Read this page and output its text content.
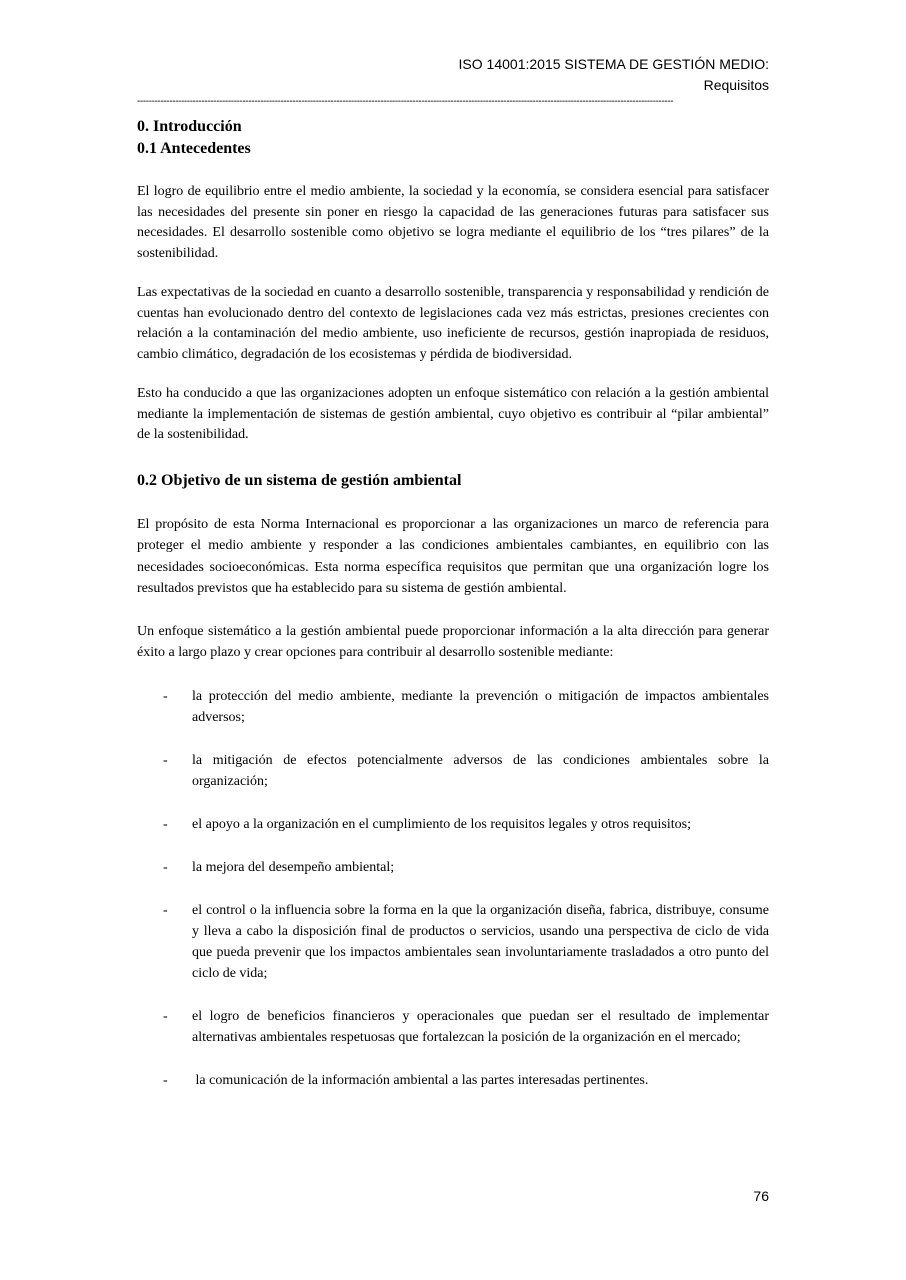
ISO 14001:2015 SISTEMA DE GESTIÓN MEDIO:
Requisitos
---------------------------------------------------------------------------------------------------------------------------------------------------------------------------------------
0. Introducción
0.1 Antecedentes

El logro de equilibrio entre el medio ambiente, la sociedad y la economía, se considera esencial para satisfacer las necesidades del presente sin poner en riesgo la capacidad de las generaciones futuras para satisfacer sus necesidades. El desarrollo sostenible como objetivo se logra mediante el equilibrio de los “tres pilares” de la sostenibilidad.

Las expectativas de la sociedad en cuanto a desarrollo sostenible, transparencia y responsabilidad y rendición de cuentas han evolucionado dentro del contexto de legislaciones cada vez más estrictas, presiones crecientes con relación a la contaminación del medio ambiente, uso ineficiente de recursos, gestión inapropiada de residuos, cambio climático, degradación de los ecosistemas y pérdida de biodiversidad.

Esto ha conducido a que las organizaciones adopten un enfoque sistemático con relación a la gestión ambiental mediante la implementación de sistemas de gestión ambiental, cuyo objetivo es contribuir al “pilar ambiental” de la sostenibilidad.

0.2 Objetivo de un sistema de gestión ambiental

El propósito de esta Norma Internacional es proporcionar a las organizaciones un marco de referencia para proteger el medio ambiente y responder a las condiciones ambientales cambiantes, en equilibrio con las necesidades socioeconómicas. Esta norma específica requisitos que permitan que una organización logre los resultados previstos que ha establecido para su sistema de gestión ambiental.

Un enfoque sistemático a la gestión ambiental puede proporcionar información a la alta dirección para generar éxito a largo plazo y crear opciones para contribuir al desarrollo sostenible mediante:

- la protección del medio ambiente, mediante la prevención o mitigación de impactos ambientales adversos;
- la mitigación de efectos potencialmente adversos de las condiciones ambientales sobre la organización;
- el apoyo a la organización en el cumplimiento de los requisitos legales y otros requisitos;
- la mejora del desempeño ambiental;
- el control o la influencia sobre la forma en la que la organización diseña, fabrica, distribuye, consume y lleva a cabo la disposición final de productos o servicios, usando una perspectiva de ciclo de vida que pueda prevenir que los impactos ambientales sean involuntariamente trasladados a otro punto del ciclo de vida;
- el logro de beneficios financieros y operacionales que puedan ser el resultado de implementar alternativas ambientales respetuosas que fortalezcan la posición de la organización en el mercado;
- la comunicación de la información ambiental a las partes interesadas pertinentes.
76
